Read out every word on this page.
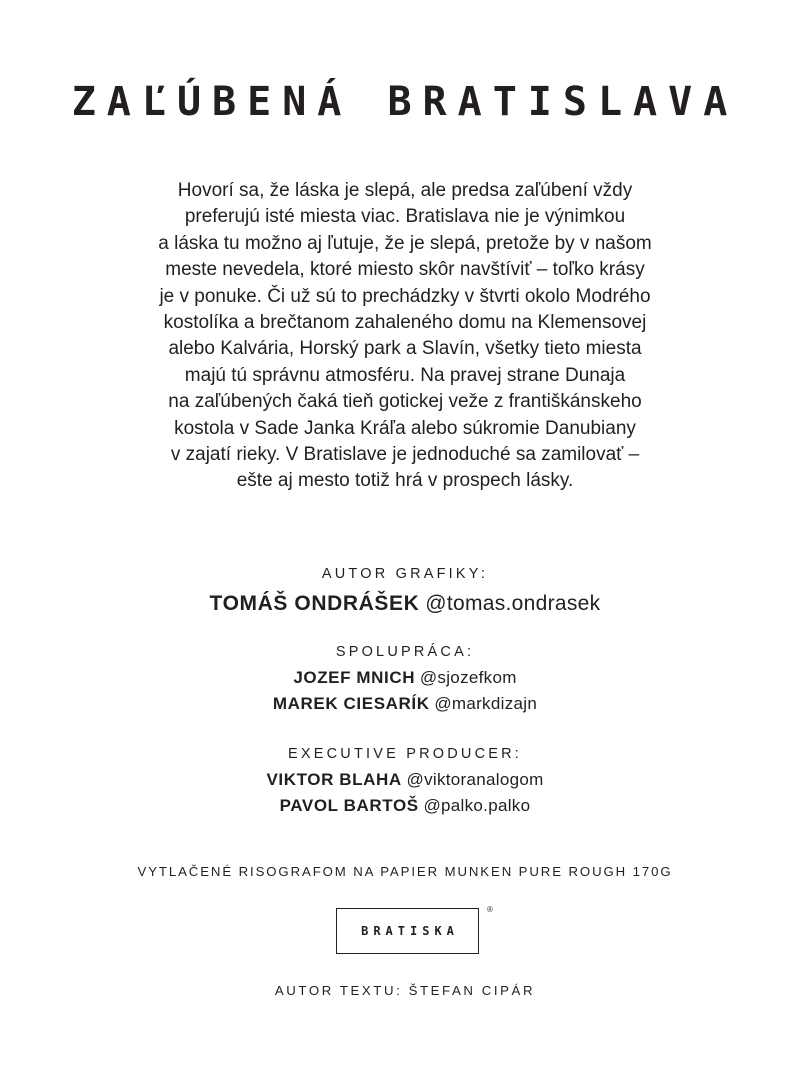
ZAĽÚBENÁ BRATISLAVA
Hovorí sa, že láska je slepá, ale predsa zaľúbení vždy
preferujú isté miesta viac. Bratislava nie je výnimkou
a láska tu možno aj ľutuje, že je slepá, pretože by v našom
meste nevedela, ktoré miesto skôr navštíviť – toľko krásy
je v ponuke. Či už sú to prechádzky v štvrti okolo Modrého
kostolíka a brečtanom zahaleného domu na Klemensovej
alebo Kalvária, Horský park a Slavín, všetky tieto miesta
majú tú správnu atmosféru. Na pravej strane Dunaja
na zaľúbených čaká tieň gotickej veže z františkánskeho
kostola v Sade Janka Kráľa alebo súkromie Danubiany
v zajatí rieky. V Bratislave je jednoduché sa zamilovať –
ešte aj mesto totiž hrá v prospech lásky.
AUTOR GRAFIKY:
TOMÁŠ ONDRÁŠEK @tomas.ondrasek
SPOLUPRÁCA:
JOZEF MNICH @sjozefkom
MAREK CIESARÍK @markdizajn
EXECUTIVE PRODUCER:
VIKTOR BLAHA @viktoranalogom
PAVOL BARTOŠ @palko.palko
VYTLAČENÉ RISOGRAFOM NA PAPIER MUNKEN PURE ROUGH 170G
BRATISKA
®
AUTOR TEXTU: ŠTEFAN CIPÁR
